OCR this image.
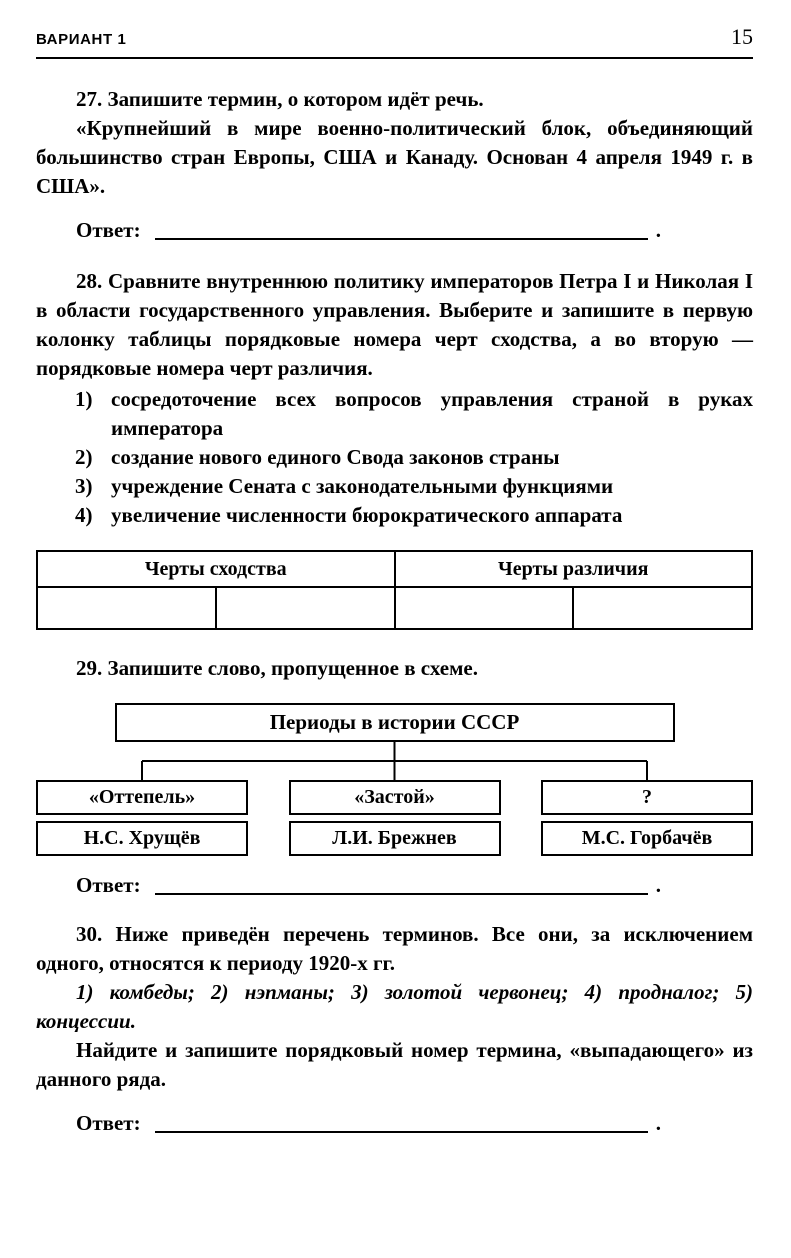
ВАРИАНТ 1	15

27. Запишите термин, о котором идёт речь.

«Крупнейший в мире военно-политический блок, объединяющий большинство стран Европы, США и Канаду. Основан 4 апреля 1949 г. в США».

Ответ:	.

28. Сравните внутреннюю политику императоров Петра I и Николая I в области государственного управления. Выберите и запишите в первую колонку таблицы порядковые номера черт сходства, а во вторую — порядковые номера черт различия.

1) сосредоточение всех вопросов управления страной в руках императора
2) создание нового единого Свода законов страны
3) учреждение Сената с законодательными функциями
4) увеличение численности бюрократического аппарата
Черты сходства		Черты различия	

29. Запишите слово, пропущенное в схеме.

Периоды в истории СССР
«Оттепель»
Н.С. Хрущёв
«Застой»
Л.И. Брежнев
?
М.С. Горбачёв
Ответ:	.

30. Ниже приведён перечень терминов. Все они, за исключением одного, относятся к периоду 1920-х гг.

1) комбеды; 2) нэпманы; 3) золотой червонец; 4) продналог; 5) концессии.

Найдите и запишите порядковый номер термина, «выпадающего» из данного ряда.

Ответ:	.
